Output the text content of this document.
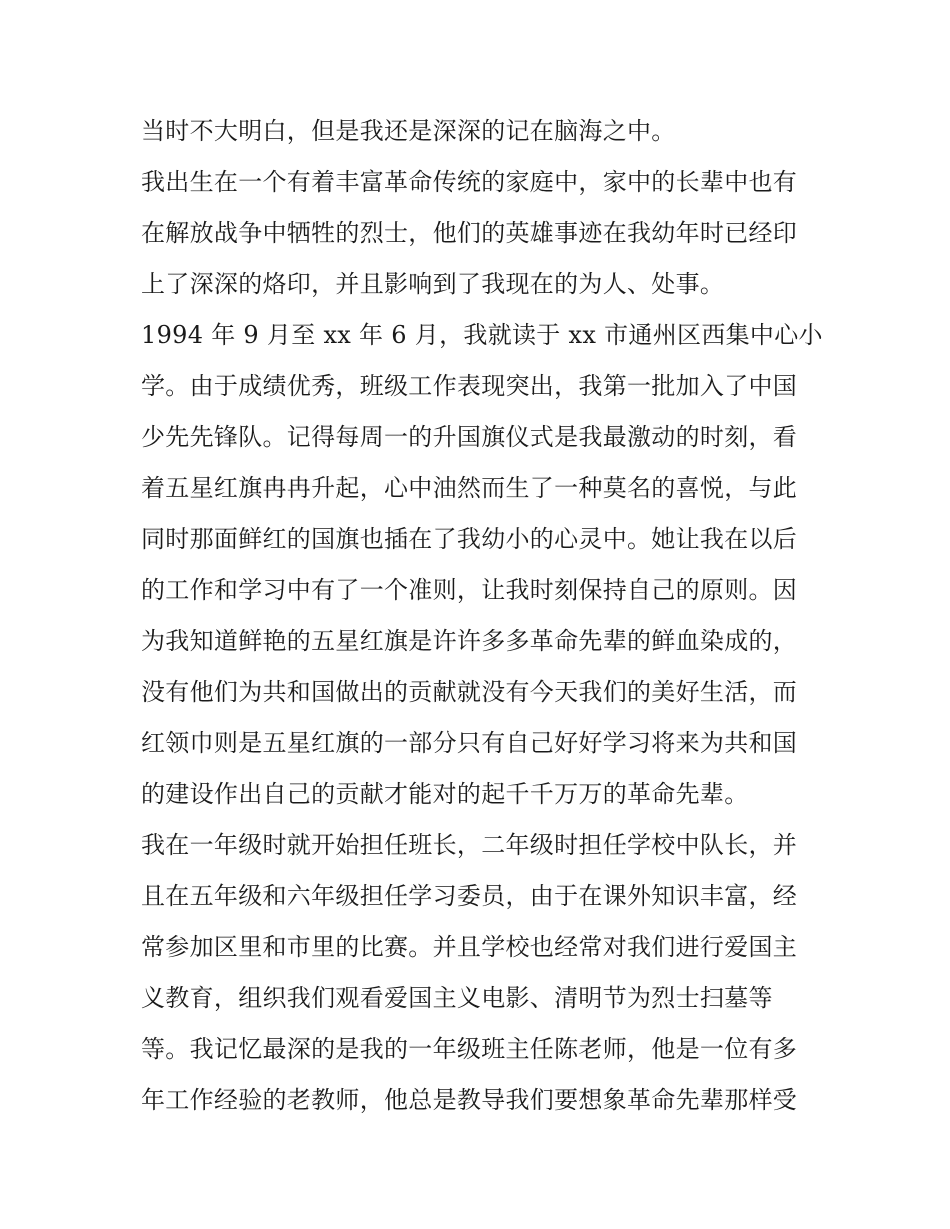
当时不大明白，但是我还是深深的记在脑海之中。
我出生在一个有着丰富革命传统的家庭中，家中的长辈中也有
在解放战争中牺牲的烈士，他们的英雄事迹在我幼年时已经印
上了深深的烙印，并且影响到了我现在的为人、处事。
1994 年 9 月至 xx 年 6 月，我就读于 xx 市通州区西集中心小
学。由于成绩优秀，班级工作表现突出，我第一批加入了中国
少先先锋队。记得每周一的升国旗仪式是我最激动的时刻，看
着五星红旗冉冉升起，心中油然而生了一种莫名的喜悦，与此
同时那面鲜红的国旗也插在了我幼小的心灵中。她让我在以后
的工作和学习中有了一个准则，让我时刻保持自己的原则。因
为我知道鲜艳的五星红旗是许许多多革命先辈的鲜血染成的，
没有他们为共和国做出的贡献就没有今天我们的美好生活，而
红领巾则是五星红旗的一部分只有自己好好学习将来为共和国
的建设作出自己的贡献才能对的起千千万万的革命先辈。
我在一年级时就开始担任班长，二年级时担任学校中队长，并
且在五年级和六年级担任学习委员，由于在课外知识丰富，经
常参加区里和市里的比赛。并且学校也经常对我们进行爱国主
义教育，组织我们观看爱国主义电影、清明节为烈士扫墓等
等。我记忆最深的是我的一年级班主任陈老师，他是一位有多
年工作经验的老教师，他总是教导我们要想象革命先辈那样受
